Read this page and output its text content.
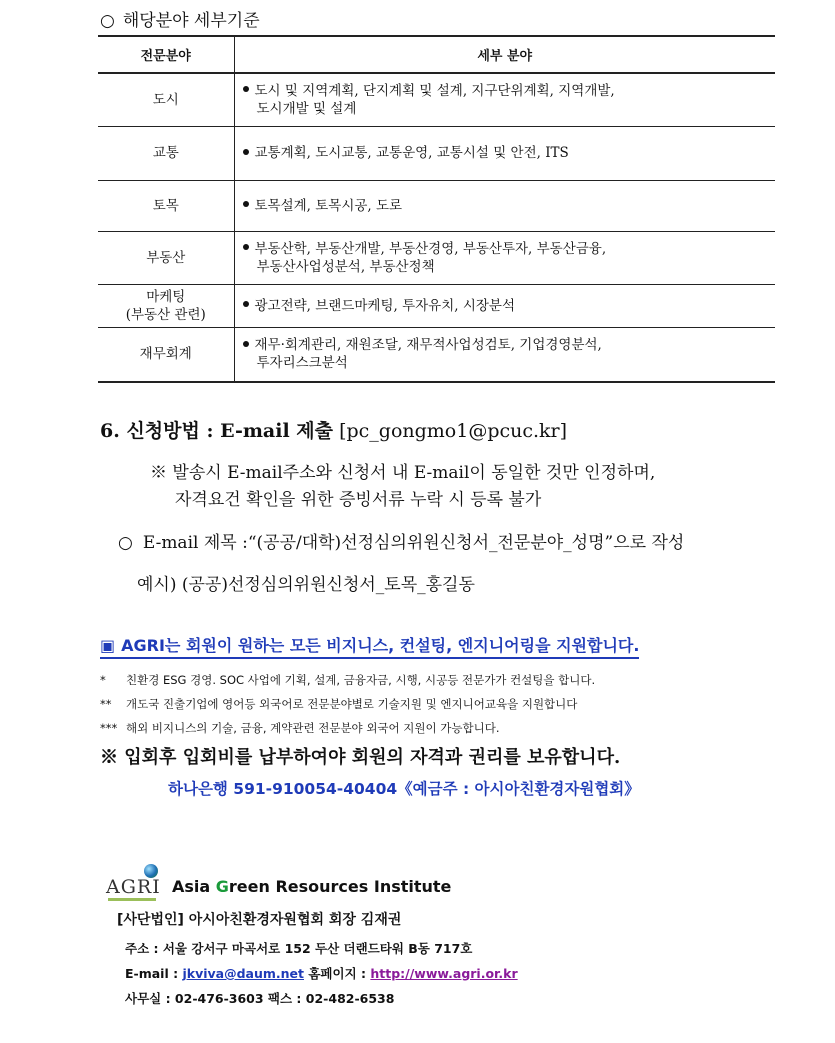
○ 해당분야 세부기준
전문분야	세부 분야
도시	도시 및 지역계획, 단지계획 및 설계, 지구단위계획, 지역개발,
도시개발 및 설계

교통	교통계획, 도시교통, 교통운영, 교통시설 및 안전, ITS

토목	토목설계, 토목시공, 도로

부동산	부동산학, 부동산개발, 부동산경영, 부동산투자, 부동산금융,
부동산사업성분석, 부동산정책

마케팅
(부동산 관련)	광고전략, 브랜드마케팅, 투자유치, 시장분석

재무회계	재무·회계관리, 재원조달, 재무적사업성검토, 기업경영분석,
투자리스크분석
6. 신청방법 : E-mail 제출 [pc_gongmo1@pcuc.kr]
※ 발송시 E-mail주소와 신청서 내 E-mail이 동일한 것만 인정하며,
자격요건 확인을 위한 증빙서류 누락 시 등록 불가
○ E-mail 제목 :“(공공/대학)선정심의위원신청서_전문분야_성명”으로 작성
예시) (공공)선정심의위원신청서_토목_홍길동
▣ AGRI는 회원이 원하는 모든 비지니스, 컨설팅, 엔지니어링을 지원합니다.
*	친환경 ESG 경영. SOC 사업에 기획, 설계, 금융자금, 시행, 시공등 전문가가 컨설팅을 합니다.
**	개도국 진출기업에 영어등 외국어로 전문분야별로 기술지원 및 엔지니어교육을 지원합니다
*** 해외 비지니스의 기술, 금융, 계약관련 전문분야 외국어 지원이 가능합니다.
※ 입회후 입회비를 납부하여야 회원의 자격과 권리를 보유합니다.
하나은행 591-910054-40404《예금주 : 아시아친환경자원협회》
AGRI Asia Green Resources Institute
[사단법인] 아시아친환경자원협회 회장 김재권
주소 : 서울 강서구 마곡서로 152 두산 더랜드타워 B동 717호
E-mail : jkviva@daum.net 홈페이지 : http://www.agri.or.kr
사무실 : 02-476-3603 팩스 : 02-482-6538
